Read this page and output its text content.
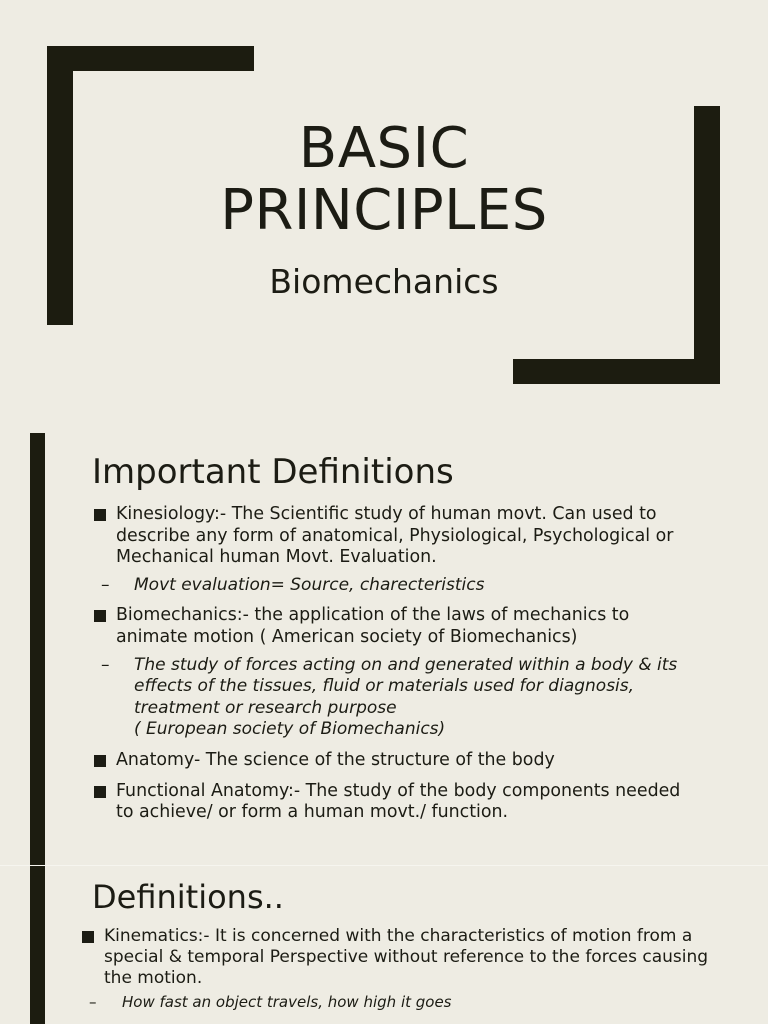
BASIC
PRINCIPLES
Biomechanics
Important Definitions
Kinesiology:- The Scientific study of human movt. Can used to describe any form of anatomical, Physiological, Psychological or Mechanical human Movt. Evaluation.
– Movt evaluation= Source, charecteristics
Biomechanics:- the application of the laws of mechanics to animate motion ( American society of Biomechanics)
– The study of forces acting on and generated within a body & its effects of the tissues, fluid or materials used for diagnosis, treatment or research purpose
( European society of Biomechanics)
Anatomy- The science of the structure of the body
Functional Anatomy:- The study of the body components needed to achieve/ or form a human movt./ function.
Definitions..
Kinematics:- It is concerned with the characteristics of motion from a special & temporal Perspective without reference to the forces causing the motion.
– How fast an object travels, how high it goes
